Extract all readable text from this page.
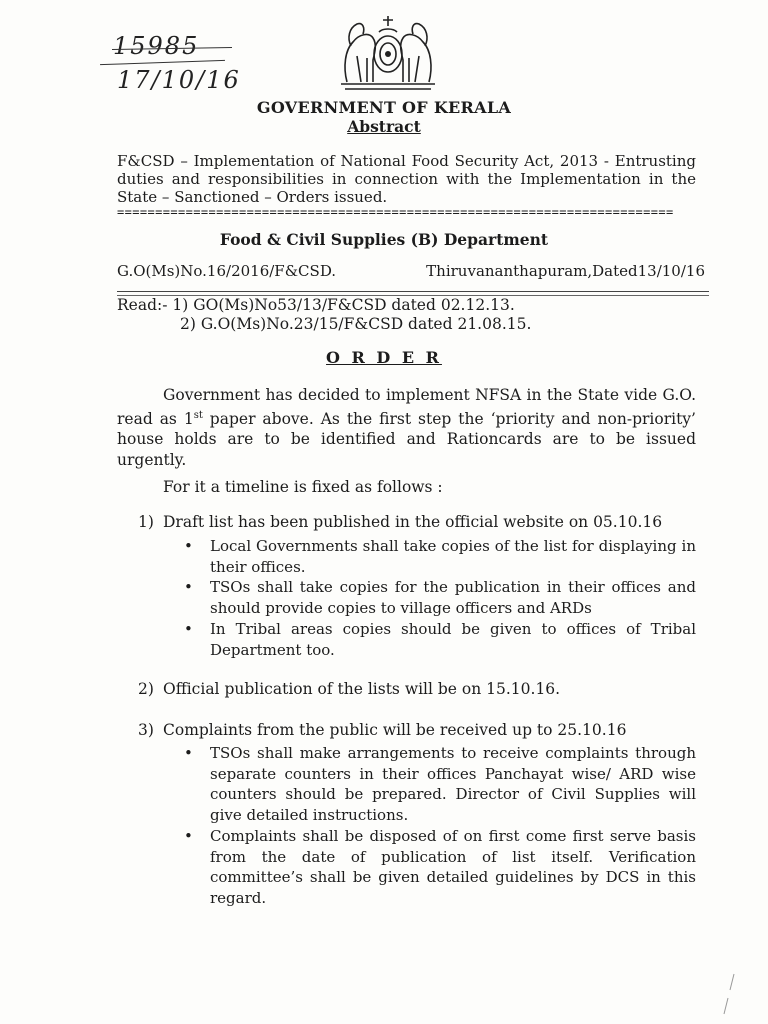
15985
17/10/16
GOVERNMENT OF KERALA
Abstract
F&CSD – Implementation of National Food Security Act, 2013 - Entrusting duties and responsibilities in connection with the Implementation in the State – Sanctioned – Orders issued.
=========================================================================
Food & Civil Supplies (B) Department
G.O(Ms)No.16/2016/F&CSD.	Thiruvananthapuram,Dated13/10/16
Read:- 1) GO(Ms)No53/13/F&CSD dated 02.12.13.
2) G.O(Ms)No.23/15/F&CSD dated 21.08.15.
O R D E R
Government has decided to implement NFSA in the State vide G.O. read as 1st paper above. As the first step the ‘priority and non-priority’ house holds are to be identified and Rationcards are to be issued urgently.
For it a timeline is fixed as follows :
1) Draft list has been published in the official website on 05.10.16
• Local Governments shall take copies of the list for displaying in their offices.
• TSOs shall take copies for the publication in their offices and should provide copies to village officers and ARDs
• In Tribal areas copies should be given to offices of Tribal Department too.
2) Official publication of the lists will be on 15.10.16.
3) Complaints from the public will be received up to 25.10.16
• TSOs shall make arrangements to receive complaints through separate counters in their offices Panchayat wise/ ARD wise counters should be prepared. Director of Civil Supplies will give detailed instructions.
• Complaints shall be disposed of on first come first serve basis from the date of publication of list itself. Verification committee’s shall be given detailed guidelines by DCS in this regard.
